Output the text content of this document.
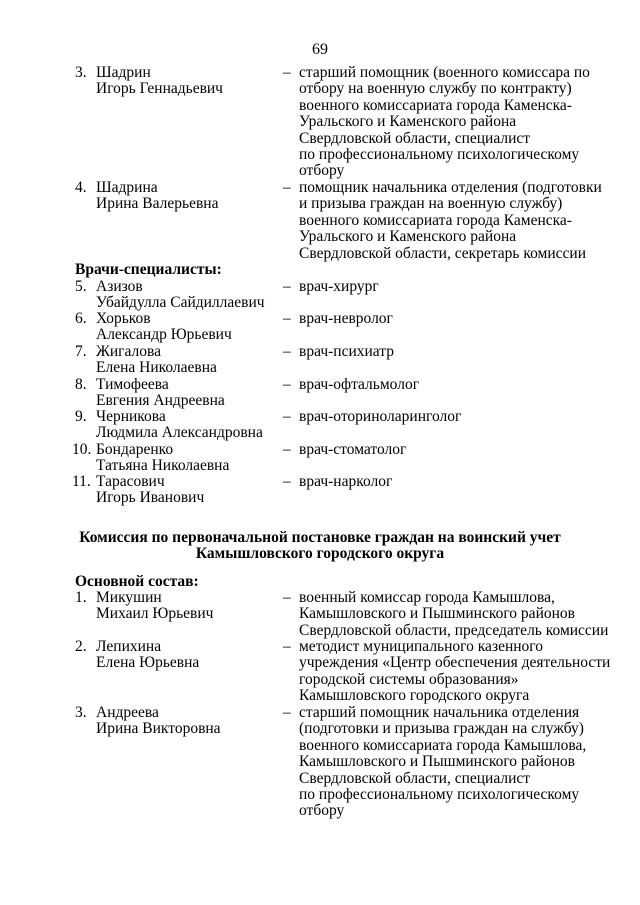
69
Врачи-специалисты:
Комиссия по первоначальной постановке граждан на воинский учет
Камышловского городского округа
Основной состав:
3. Шадрин
Игорь Геннадьевич
– старший помощник (военного комиссара по
отбору на военную службу по контракту)
военного комиссариата города Каменска-
Уральского и Каменского района
Свердловской области, специалист
по профессиональному психологическому
отбору
4. Шадрина
Ирина Валерьевна
– помощник начальника отделения (подготовки
и призыва граждан на военную службу)
военного комиссариата города Каменска-
Уральского и Каменского района
Свердловской области, секретарь комиссии
5. Азизов
Убайдулла Сайдиллаевич
– врач-хирург
6. Хорьков
Александр Юрьевич
– врач-невролог
7. Жигалова
Елена Николаевна
– врач-психиатр
8. Тимофеева
Евгения Андреевна
– врач-офтальмолог
9. Черникова
Людмила Александровна
– врач-оториноларинголог
10. Бондаренко
Татьяна Николаевна
– врач-стоматолог
11. Тарасович
Игорь Иванович
– врач-нарколог
1. Микушин
Михаил Юрьевич
– военный комиссар города Камышлова,
Камышловского и Пышминского районов
Свердловской области, председатель комиссии
2. Лепихина
Елена Юрьевна
– методист муниципального казенного
учреждения «Центр обеспечения деятельности
городской системы образования»
Камышловского городского округа
3. Андреева
Ирина Викторовна
– старший помощник начальника отделения
(подготовки и призыва граждан на службу)
военного комиссариата города Камышлова,
Камышловского и Пышминского районов
Свердловской области, специалист
по профессиональному психологическому
отбору
